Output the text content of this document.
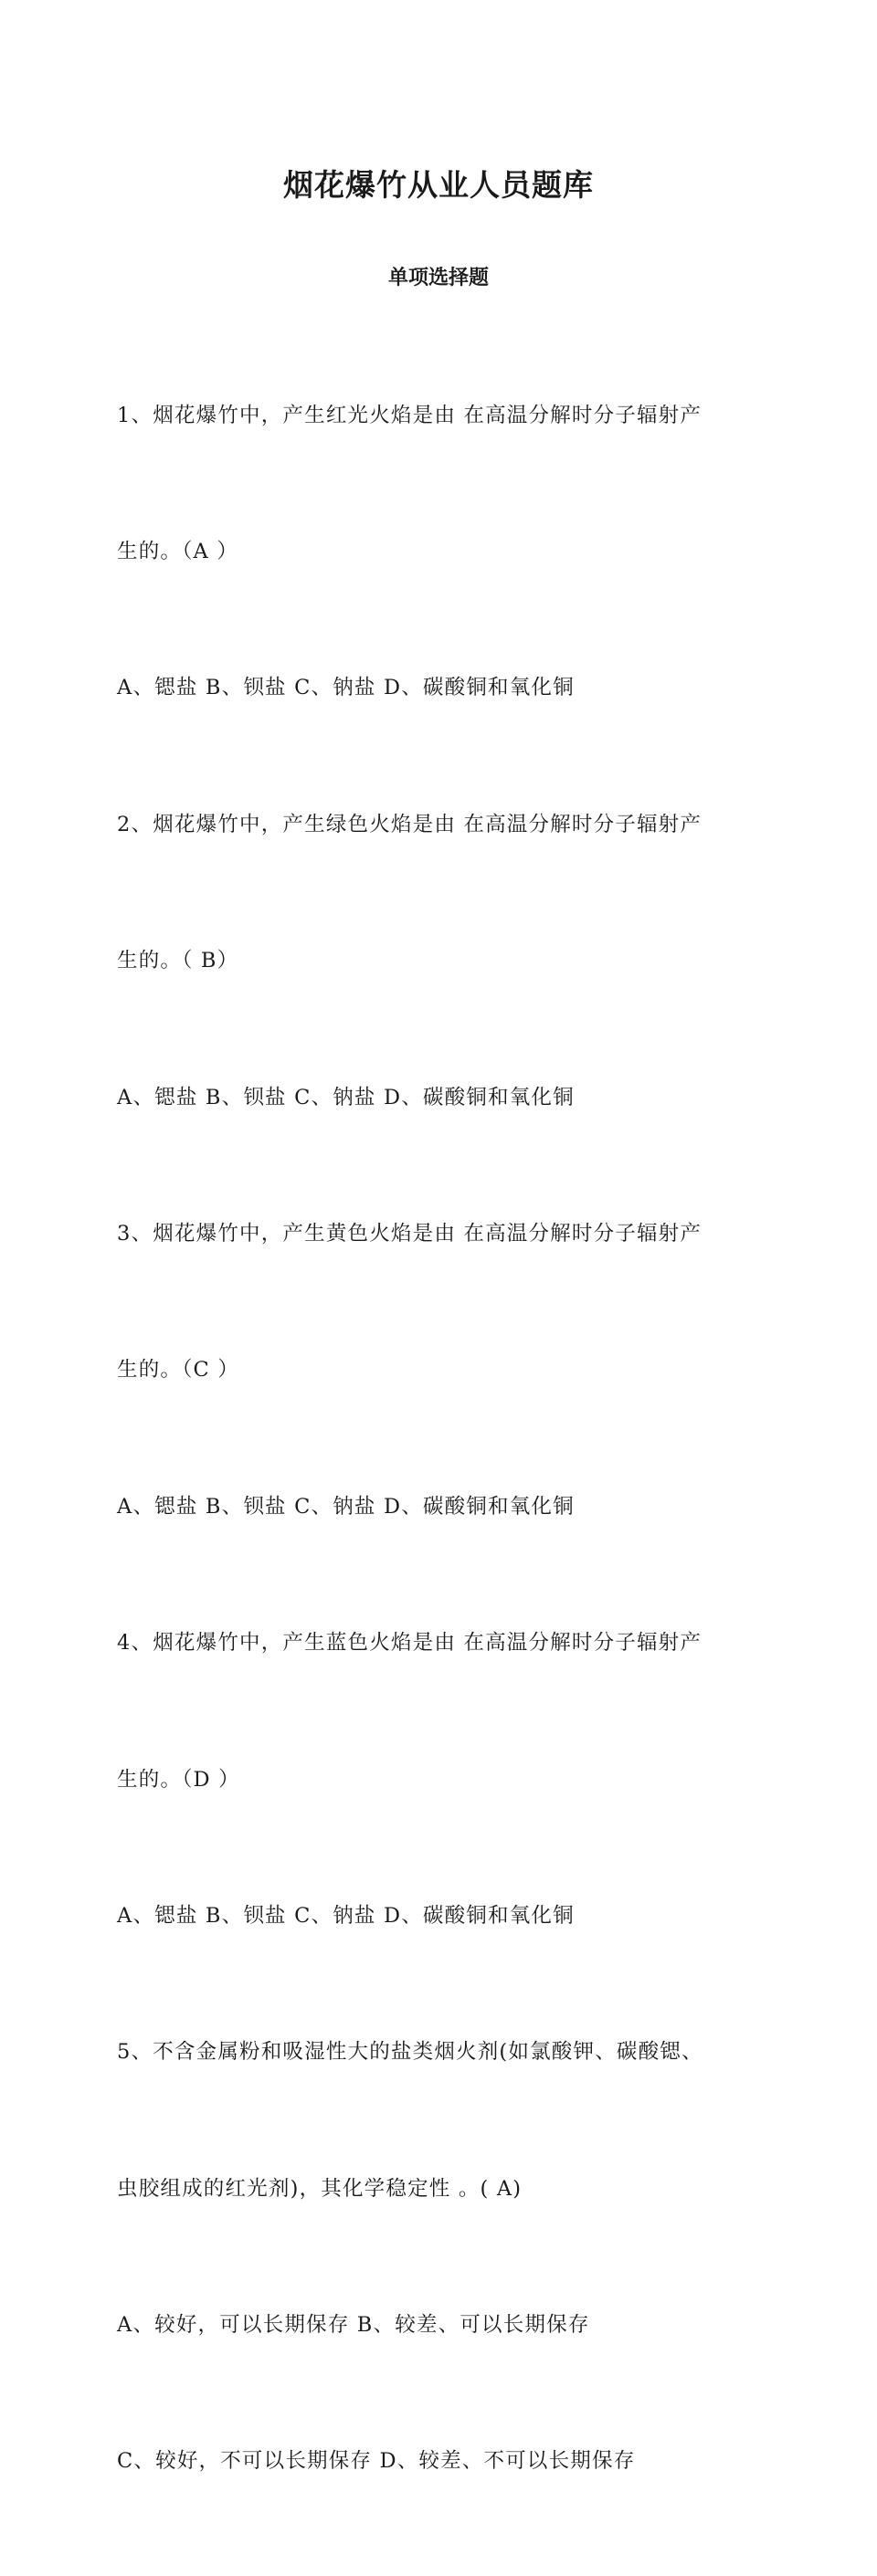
烟花爆竹从业人员题库
单项选择题

1、烟花爆竹中，产生红光火焰是由 在高温分解时分子辐射产

生的。（A ）

A、锶盐 B、钡盐 C、钠盐 D、碳酸铜和氧化铜

2、烟花爆竹中，产生绿色火焰是由 在高温分解时分子辐射产

生的。（ B）

A、锶盐 B、钡盐 C、钠盐 D、碳酸铜和氧化铜

3、烟花爆竹中，产生黄色火焰是由 在高温分解时分子辐射产

生的。（C ）

A、锶盐 B、钡盐 C、钠盐 D、碳酸铜和氧化铜

4、烟花爆竹中，产生蓝色火焰是由 在高温分解时分子辐射产

生的。（D ）

A、锶盐 B、钡盐 C、钠盐 D、碳酸铜和氧化铜

5、不含金属粉和吸湿性大的盐类烟火剂(如氯酸钾、碳酸锶、

虫胶组成的红光剂)，其化学稳定性 。( A)

A、较好，可以长期保存 B、较差、可以长期保存

C、较好，不可以长期保存 D、较差、不可以长期保存
